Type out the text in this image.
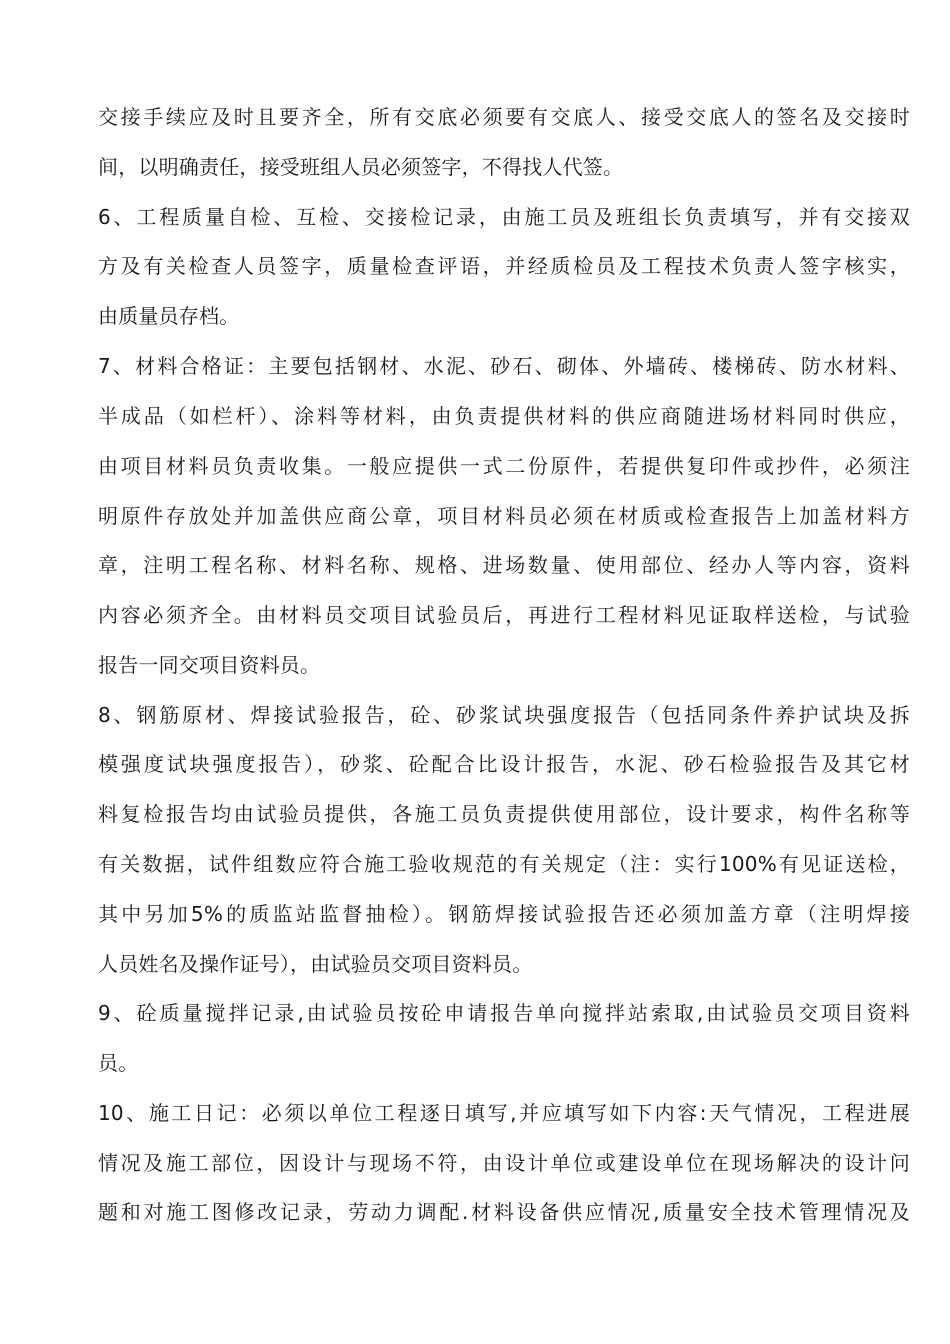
交接手续应及时且要齐全，所有交底必须要有交底人、接受交底人的签名及交接时
间，以明确责任，接受班组人员必须签字，不得找人代签。
6、工程质量自检、互检、交接检记录，由施工员及班组长负责填写，并有交接双
方及有关检查人员签字，质量检查评语，并经质检员及工程技术负责人签字核实，
由质量员存档。
7、材料合格证：主要包括钢材、水泥、砂石、砌体、外墙砖、楼梯砖、防水材料、
半成品（如栏杆）、涂料等材料，由负责提供材料的供应商随进场材料同时供应，
由项目材料员负责收集。一般应提供一式二份原件，若提供复印件或抄件，必须注
明原件存放处并加盖供应商公章，项目材料员必须在材质或检查报告上加盖材料方
章，注明工程名称、材料名称、规格、进场数量、使用部位、经办人等内容，资料
内容必须齐全。由材料员交项目试验员后，再进行工程材料见证取样送检，与试验
报告一同交项目资料员。
8、钢筋原材、焊接试验报告，砼、砂浆试块强度报告（包括同条件养护试块及拆
模强度试块强度报告），砂浆、砼配合比设计报告，水泥、砂石检验报告及其它材
料复检报告均由试验员提供，各施工员负责提供使用部位，设计要求，构件名称等
有关数据，试件组数应符合施工验收规范的有关规定（注：实行100%有见证送检，
其中另加5%的质监站监督抽检）。钢筋焊接试验报告还必须加盖方章（注明焊接
人员姓名及操作证号），由试验员交项目资料员。
9、砼质量搅拌记录,由试验员按砼申请报告单向搅拌站索取,由试验员交项目资料
员。
10、施工日记：必须以单位工程逐日填写,并应填写如下内容:天气情况，工程进展
情况及施工部位，因设计与现场不符，由设计单位或建设单位在现场解决的设计问
题和对施工图修改记录，劳动力调配.材料设备供应情况,质量安全技术管理情况及
